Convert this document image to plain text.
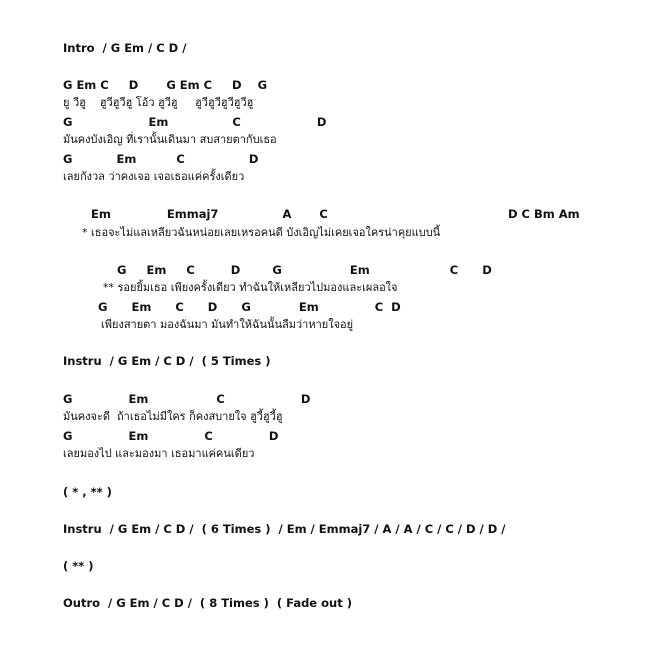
Intro  / G Em / C D /
G Em C     D       G Em C     D    G
ยู วีฮู    ฮูวีฮูวีฮู โอ้ว ฮูวีฮู     ฮูวีฮูวีฮูวีฮูวีฮู
G                   Em                C                   D
มันคงบังเอิญ ที่เรานั้นเดินมา สบสายตากับเธอ
G           Em          C                D
เลยกังวล ว่าคงเจอ เจอเธอแค่ครั้งเดียว
Em              Emmaj7                A       C                                             D C Bm Am
* เธอจะไม่แลเหลียวฉันหน่อยเลยเหรอคนดี บังเอิญไม่เคยเจอใครน่าคุยแบบนี้
G     Em     C         D        G                 Em                    C      D
** รอยยิ้มเธอ เพียงครั้งเดียว ทำฉันให้เหลียวไปมองและเผลอใจ
G      Em      C      D      G            Em              C  D
เพียงสายตา มองฉันมา มันทำให้ฉันนั้นลืมว่าหายใจอยู่
Instru  / G Em / C D /  ( 5 Times )
G              Em                 C                   D
มันคงจะดี  ถ้าเธอไม่มีใคร ก็คงสบายใจ ฮูวี้ฮูวี้ฮู
G              Em              C              D
เลยมองไป และมองมา เธอมาแค่คนเดียว
( * , ** )
Instru  / G Em / C D /  ( 6 Times )  / Em / Emmaj7 / A / A / C / C / D / D /
( ** )
Outro  / G Em / C D /  ( 8 Times )  ( Fade out )
